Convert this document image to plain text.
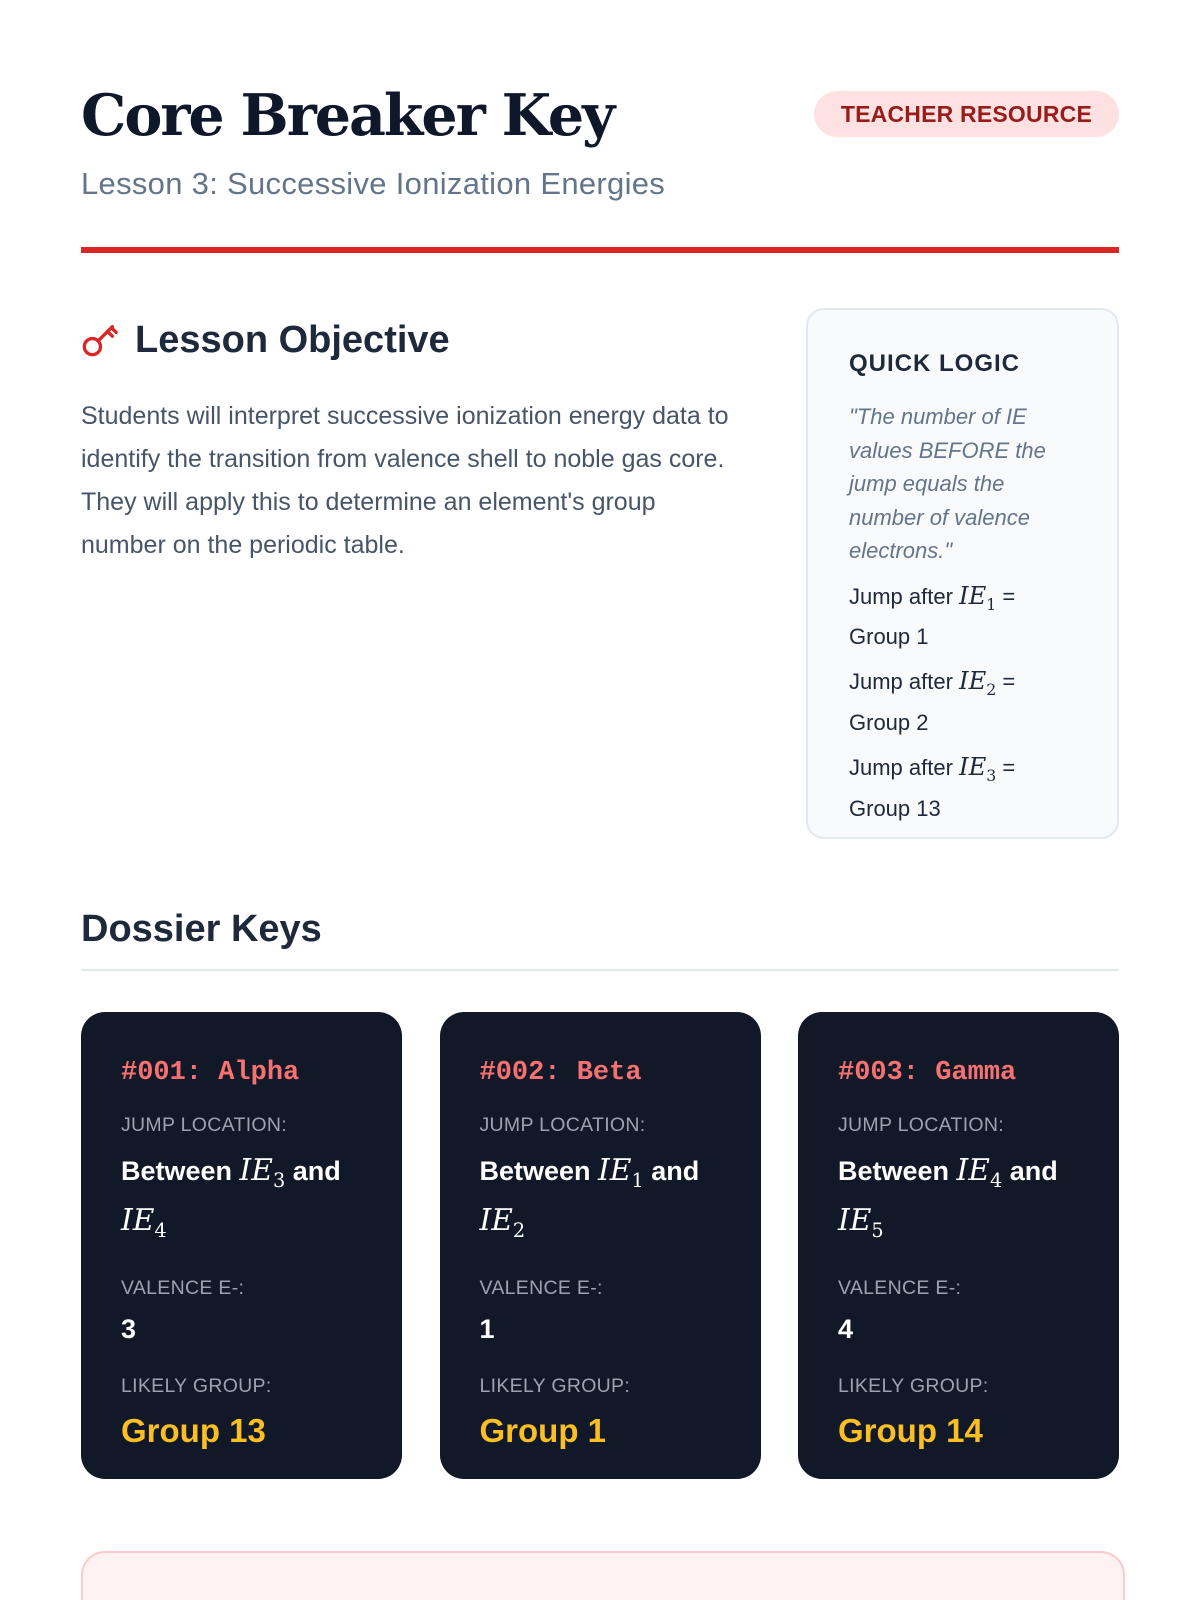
Core Breaker Key
Lesson 3: Successive Ionization Energies
TEACHER RESOURCE
Lesson Objective

Students will interpret successive ionization energy data to identify the transition from valence shell to noble gas core. They will apply this to determine an element's group number on the periodic table.

QUICK LOGIC

"The number of IE values BEFORE the jump equals the number of valence electrons."

Jump after $IE_1$ = Group 1
Jump after $IE_2$ = Group 2
Jump after $IE_3$ = Group 13
Dossier Keys
#001: Alpha
JUMP LOCATION:
Between $IE_3$ and $IE_4$
VALENCE E-:
3
LIKELY GROUP:
Group 13
#002: Beta
JUMP LOCATION:
Between $IE_1$ and $IE_2$
VALENCE E-:
1
LIKELY GROUP:
Group 1
#003: Gamma
JUMP LOCATION:
Between $IE_4$ and $IE_5$
VALENCE E-:
4
LIKELY GROUP:
Group 14
